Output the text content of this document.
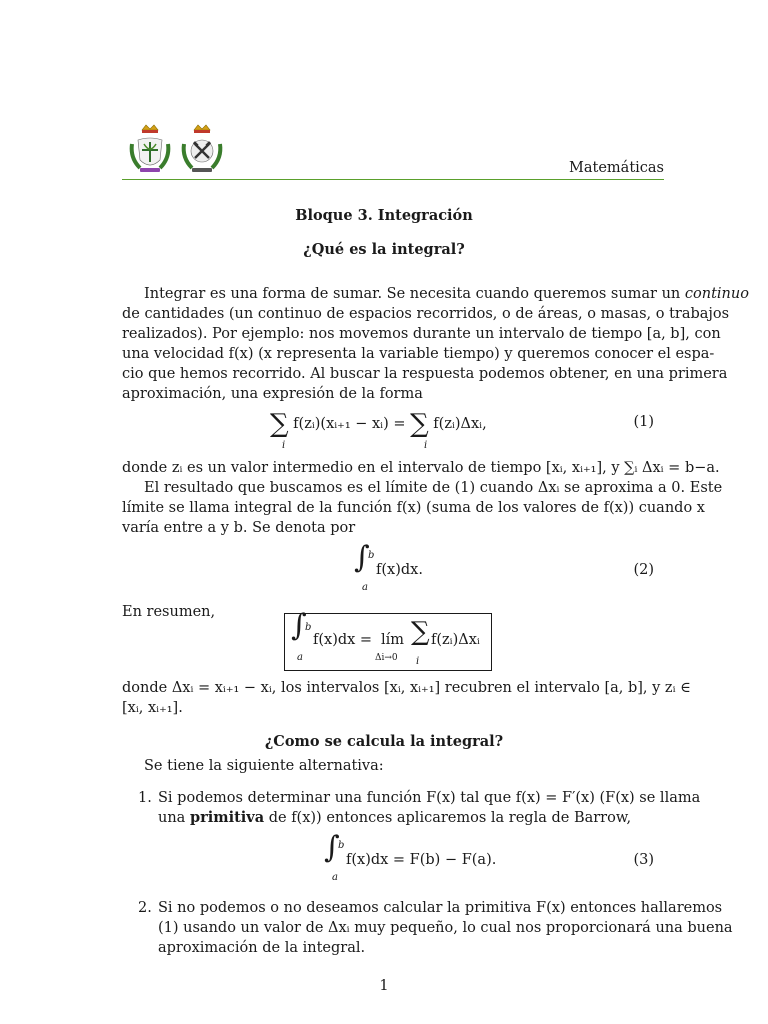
Matemáticas
Bloque 3. Integración
¿Qué es la integral?
Integrar es una forma de sumar. Se necesita cuando queremos sumar un continuo
de cantidades (un continuo de espacios recorridos, o de áreas, o masas, o trabajos
realizados). Por ejemplo: nos movemos durante un intervalo de tiempo [a, b], con
una velocidad f(x) (x representa la variable tiempo) y queremos conocer el espa-
cio que hemos recorrido. Al buscar la respuesta podemos obtener, en una primera
aproximación, una expresión de la forma
∑ f(zᵢ)(xᵢ₊₁ − xᵢ) = ∑ f(zᵢ)Δxᵢ,
i	i
(1)
donde zᵢ es un valor intermedio en el intervalo de tiempo [xᵢ, xᵢ₊₁], y ∑ᵢ Δxᵢ = b−a.
El resultado que buscamos es el límite de (1) cuando Δxᵢ se aproxima a 0. Este
límite se llama integral de la función f(x) (suma de los valores de f(x)) cuando x
varía entre a y b. Se denota por
∫
b
a
f(x)dx.	(2)
En resumen,	∫
b
a
f(x)dx = lím
Δi→0
∑
i
f(zᵢ)Δxᵢ
donde Δxᵢ = xᵢ₊₁ − xᵢ, los intervalos [xᵢ, xᵢ₊₁] recubren el intervalo [a, b], y zᵢ ∈
[xᵢ, xᵢ₊₁].
¿Como se calcula la integral?
Se tiene la siguiente alternativa:
1. Si podemos determinar una función F(x) tal que f(x) = F′(x) (F(x) se llama
una primitiva de f(x)) entonces aplicaremos la regla de Barrow,
∫
b
a
f(x)dx = F(b) − F(a).	(3)
2. Si no podemos o no deseamos calcular la primitiva F(x) entonces hallaremos
(1) usando un valor de Δxᵢ muy pequeño, lo cual nos proporcionará una buena
aproximación de la integral.
1
